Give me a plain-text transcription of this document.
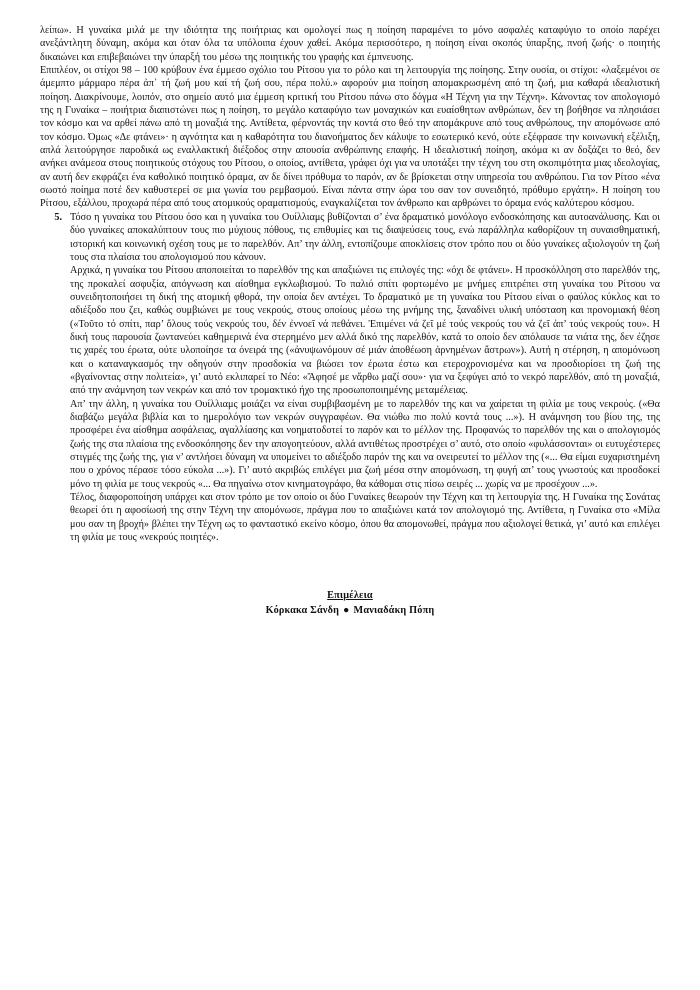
λείπω». Η γυναίκα μιλά με την ιδιότητα της ποιήτριας και ομολογεί πως η ποίηση παραμένει το μόνο ασφαλές καταφύγιο το οποίο παρέχει ανεξάντλητη δύναμη, ακόμα και όταν όλα τα υπόλοιπα έχουν χαθεί. Ακόμα περισσότερο, η ποίηση είναι σκοπός ύπαρξης, πνοή ζωής· ο ποιητής δικαιώνει και επιβεβαιώνει την ύπαρξή του μέσω της ποιητικής του γραφής και έμπνευσης.

Επιπλέον, οι στίχοι 98 – 100 κρύβουν ένα έμμεσο σχόλιο του Ρίτσου για το ρόλο και τη λειτουργία της ποίησης. Στην ουσία, οι στίχοι: «λαξεμένοι σε άμεμπτο μάρμαρο πέρα ἀπ᾿ τή ζωή μου καί τή ζωή σου, πέρα πολύ.» αφορούν μια ποίηση απομακρωσμένη από τη ζωή, μια καθαρά ιδεαλιστική ποίηση. Διακρίνουμε, λοιπόν, στο σημείο αυτό μια έμμεση κριτική του Ρίτσου πάνω στο δόγμα «Η Τέχνη για την Τέχνη». Κάνοντας τον απολογισμό της η Γυναίκα – ποιήτρια διαπιστώνει πως η ποίηση, το μεγάλο καταφύγιο των μοναχικών και ευαίσθητων ανθρώπων, δεν τη βοήθησε να πλησιάσει τον κόσμο και να αρθεί πάνω από τη μοναξιά της. Αντίθετα, φέρνοντάς την κοντά στο θεό την απομάκρυνε από τους ανθρώπους, την απομόνωσε από τον κόσμο. Όμως «Δε φτάνει»· η αγνότητα και η καθαρότητα του διανοήματος δεν κάλυψε το εσωτερικό κενό, ούτε εξέφρασε την κοινωνική εξέλιξη, απλά λειτούργησε παροδικά ως εναλλακτική διέξοδος στην απουσία ανθρώπινης επαφής. Η ιδεαλιστική ποίηση, ακόμα κι αν δοξάζει το θεό, δεν ανήκει ανάμεσα στους ποιητικούς στόχους του Ρίτσου, ο οποίος, αντίθετα, γράφει όχι για να υποτάξει την τέχνη του στη σκοπιμότητα μιας ιδεολογίας, αν αυτή δεν εκφράζει ένα καθολικό ποιητικό όραμα, αν δε δίνει πρόθυμα το παρόν, αν δε βρίσκεται στην υπηρεσία του ανθρώπου. Για τον Ρίτσο «ένα σωστό ποίημα ποτέ δεν καθυστερεί σε μια γωνία του ρεμβασμού. Είναι πάντα στην ώρα του σαν τον συνειδητό, πρόθυμο εργάτη». Η ποίηση του Ρίτσου, εξάλλου, προχωρά πέρα από τους ατομικούς οραματισμούς, εναγκαλίζεται τον άνθρωπο και αρθρώνει το όραμα ενός καλύτερου κόσμου.

5. Τόσο η γυναίκα του Ρίτσου όσο και η γυναίκα του Ουίλλιαμς βυθίζονται σ’ ένα δραματικό μονόλογο ενδοσκόπησης και αυτοανάλυσης. Και οι δύο γυναίκες αποκαλύπτουν τους πιο μύχιους πόθους, τις επιθυμίες και τις διαψεύσεις τους, ενώ παράλληλα καθορίζουν τη συναισθηματική, ιστορική και κοινωνική σχέση τους με το παρελθόν. Απ’ την άλλη, εντοπίζουμε αποκλίσεις στον τρόπο που οι δύο γυναίκες αξιολογούν τη ζωή τους στα πλαίσια του απολογισμού που κάνουν.

Αρχικά, η γυναίκα του Ρίτσου αποποιείται το παρελθόν της και απαξιώνει τις επιλογές της: «όχι δε φτάνει». Η προσκόλληση στο παρελθόν της, της προκαλεί ασφυξία, απόγνωση και αίσθημα εγκλωβισμού. Το παλιό σπίτι φορτωμένο με μνήμες επιτρέπει στη γυναίκα του Ρίτσου να συνειδητοποιήσει τη δική της ατομική φθορά, την οποία δεν αντέχει. Το δραματικό με τη γυναίκα του Ρίτσου είναι ο φαύλος κύκλος και το αδιέξοδο που ζει, καθώς συμβιώνει με τους νεκρούς, στους οποίους μέσω της μνήμης της, ξαναδίνει υλική υπόσταση και προνομιακή θέση («Τοῦτο τό σπίτι, παρ’ ὅλους τούς νεκρούς του, δέν ἐννοεῖ νά πεθάνει. Ἐπιμένει νά ζεῖ μέ τούς νεκρούς του νά ζεῖ ἀπ’ τούς νεκρούς του». Η δική τους παρουσία ζωντανεύει καθημερινά ένα στερημένο μεν αλλά δικό της παρελθόν, κατά το οποίο δεν απόλαυσε τα νιάτα της, δεν έζησε τις χαρές του έρωτα, ούτε υλοποίησε τα όνειρά της («ἀνυψωνόμουν σέ μιάν ἀποθέωση ἀρνημένων ἄστρων»). Αυτή η στέρηση, η απομόνωση και ο καταναγκασμός την οδηγούν στην προσδοκία να βιώσει τον έρωτα έστω και ετεροχρονισμένα και να προσδιορίσει τη ζωή της «βγαίνοντας στην πολιτεία», γι’ αυτό εκλιπαρεί το Νέο: «Ἄφησέ με νἄρθω μαζί σου»· για να ξεφύγει από το νεκρό παρελθόν, από τη μοναξιά, από την ανάμνηση των νεκρών και από τον τρομακτικό ήχο της προσωποποιημένης μεταμέλειας.

Απ’ την άλλη, η γυναίκα του Ουίλλιαμς μοιάζει να είναι συμβιβασμένη με το παρελθόν της και να χαίρεται τη φιλία με τους νεκρούς. («Θα διαβάζω μεγάλα βιβλία και το ημερολόγιο των νεκρών συγγραφέων. Θα νιώθω πιο πολύ κοντά τους ...»). Η ανάμνηση του βίου της, της προσφέρει ένα αίσθημα ασφάλειας, αγαλλίασης και νοηματοδοτεί το παρόν και το μέλλον της. Προφανώς το παρελθόν της και ο απολογισμός ζωής της στα πλαίσια της ενδοσκόπησης δεν την απογοητεύουν, αλλά αντιθέτως προστρέχει σ’ αυτό, στο οποίο «φυλάσσονται» οι ευτυχέστερες στιγμές της ζωής της, για ν’ αντλήσει δύναμη να υπομείνει το αδιέξοδο παρόν της και να ονειρευτεί το μέλλον της («... Θα είμαι ευχαριστημένη που ο χρόνος πέρασε τόσο εύκολα ...»). Γι’ αυτό ακριβώς επιλέγει μια ζωή μέσα στην απομόνωση, τη φυγή απ’ τους γνωστούς και προσδοκεί μόνο τη φιλία με τους νεκρούς «... Θα πηγαίνω στον κινηματογράφο, θα κάθομαι στις πίσω σειρές ... χωρίς να με προσέχουν ...».

Τέλος, διαφοροποίηση υπάρχει και στον τρόπο με τον οποίο οι δύο Γυναίκες θεωρούν την Τέχνη και τη λειτουργία της. Η Γυναίκα της Σονάτας θεωρεί ότι η αφοσίωσή της στην Τέχνη την απομόνωσε, πράγμα που το απαξιώνει κατά τον απολογισμό της. Αντίθετα, η Γυναίκα στο «Μίλα μου σαν τη βροχή» βλέπει την Τέχνη ως το φανταστικό εκείνο κόσμο, όπου θα απομονωθεί, πράγμα που αξιολογεί θετικά, γι’ αυτό και επιλέγει τη φιλία με τους «νεκρούς ποιητές».

Επιμέλεια
Κόρκακα Σάνδη ● Μανιαδάκη Πόπη
